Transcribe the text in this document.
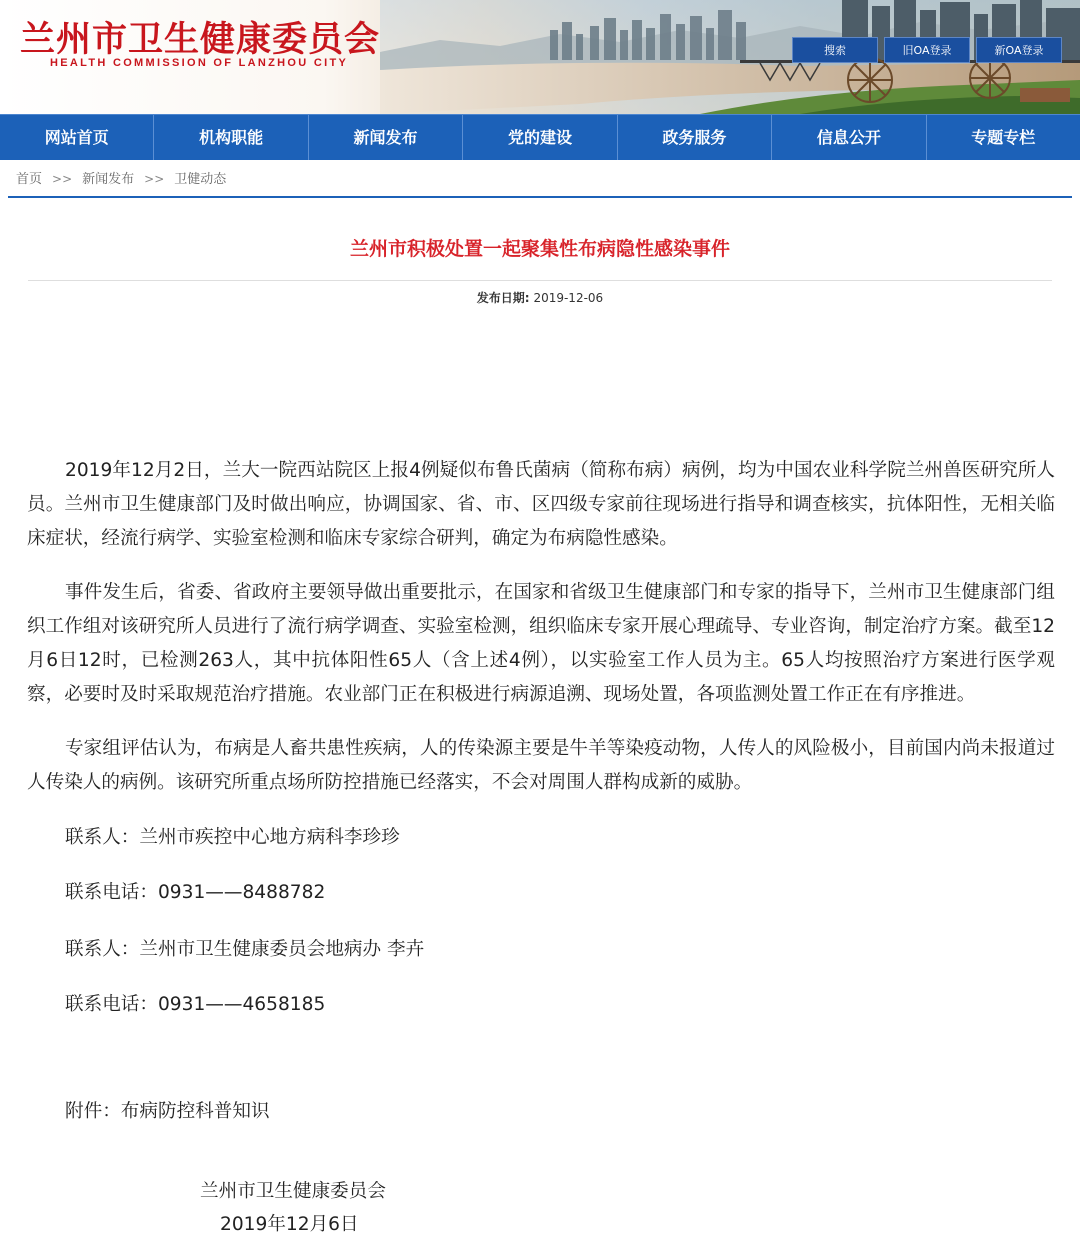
兰州市卫生健康委员会
HEALTH COMMISSION OF LANZHOU CITY
搜索	旧OA登录	新OA登录
网站首页	机构职能	新闻发布	党的建设	政务服务	信息公开	专题专栏
首页 >> 新闻发布 >> 卫健动态
兰州市积极处置一起聚集性布病隐性感染事件
发布日期: 2019-12-06

2019年12月2日，兰大一院西站院区上报4例疑似布鲁氏菌病（简称布病）病例，均为中国农业科学院兰州兽医研究所人员。兰州市卫生健康部门及时做出响应，协调国家、省、市、区四级专家前往现场进行指导和调查核实，抗体阳性，无相关临床症状，经流行病学、实验室检测和临床专家综合研判，确定为布病隐性感染。

事件发生后，省委、省政府主要领导做出重要批示，在国家和省级卫生健康部门和专家的指导下，兰州市卫生健康部门组织工作组对该研究所人员进行了流行病学调查、实验室检测，组织临床专家开展心理疏导、专业咨询，制定治疗方案。截至12月6日12时，已检测263人，其中抗体阳性65人（含上述4例），以实验室工作人员为主。65人均按照治疗方案进行医学观察，必要时及时采取规范治疗措施。农业部门正在积极进行病源追溯、现场处置，各项监测处置工作正在有序推进。

专家组评估认为，布病是人畜共患性疾病，人的传染源主要是牛羊等染疫动物，人传人的风险极小，目前国内尚未报道过人传染人的病例。该研究所重点场所防控措施已经落实，不会对周围人群构成新的威胁。

联系人：兰州市疾控中心地方病科李珍珍
联系电话：0931——8488782
联系人：兰州市卫生健康委员会地病办 李卉
联系电话：0931——4658185
附件：布病防控科普知识
兰州市卫生健康委员会
2019年12月6日
